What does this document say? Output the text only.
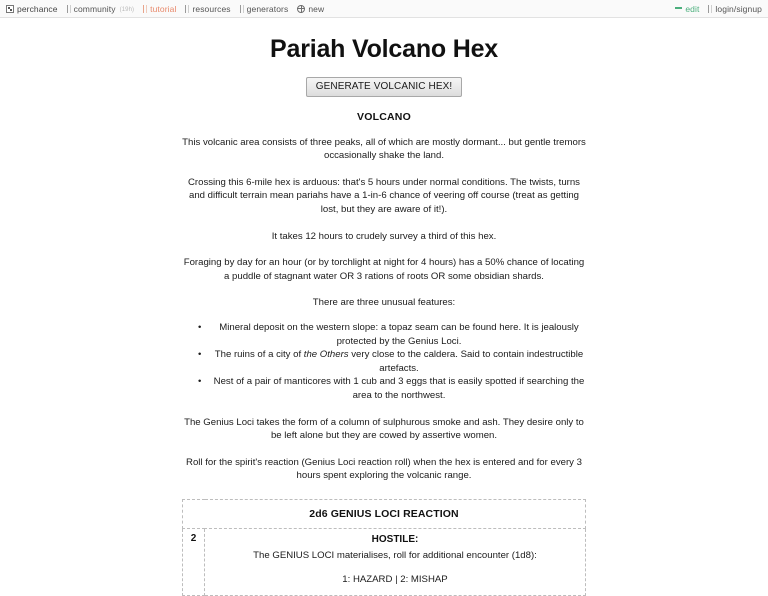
perchance community (19h) tutorial resources generators new	edit login/signup
Pariah Volcano Hex
GENERATE VOLCANIC HEX!
VOLCANO

This volcanic area consists of three peaks, all of which are mostly dormant... but gentle tremors occasionally shake the land.

Crossing this 6-mile hex is arduous: that's 5 hours under normal conditions. The twists, turns and difficult terrain mean pariahs have a 1-in-6 chance of veering off course (treat as getting lost, but they are aware of it!).

It takes 12 hours to crudely survey a third of this hex.

Foraging by day for an hour (or by torchlight at night for 4 hours) has a 50% chance of locating a puddle of stagnant water OR 3 rations of roots OR some obsidian shards.

There are three unusual features:

• Mineral deposit on the western slope: a topaz seam can be found here. It is jealously protected by the Genius Loci.
• The ruins of a city of the Others very close to the caldera. Said to contain indestructible artefacts.
• Nest of a pair of manticores with 1 cub and 3 eggs that is easily spotted if searching the area to the northwest.

The Genius Loci takes the form of a column of sulphurous smoke and ash. They desire only to be left alone but they are cowed by assertive women.

Roll for the spirit's reaction (Genius Loci reaction roll) when the hex is entered and for every 3 hours spent exploring the volcanic range.

2d6 GENIUS LOCI REACTION
2	HOSTILE:
The GENIUS LOCI materialises, roll for additional encounter (1d8):
1: HAZARD | 2: MISHAP
